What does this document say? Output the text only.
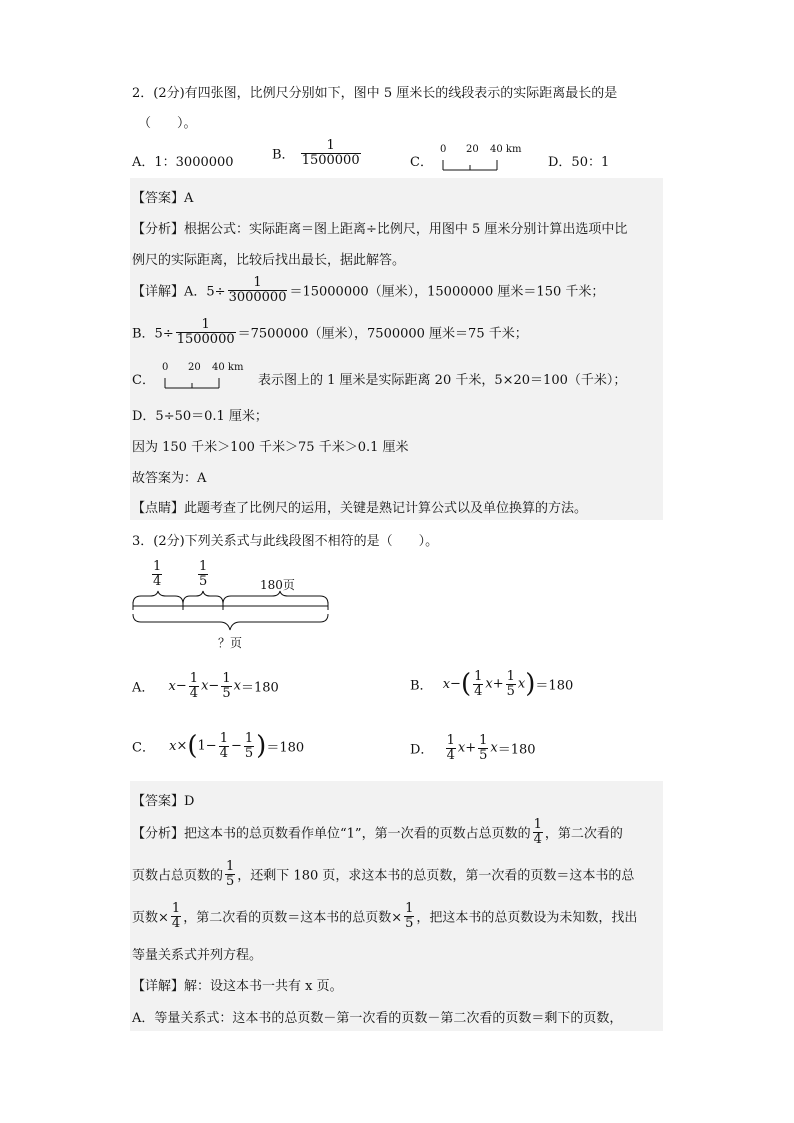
2．(2分)有四张图，比例尺分别如下，图中 5 厘米长的线段表示的实际距离最长的是
（　　）。
A．1：3000000	B． $\frac{1}{1500000}$	C．
0 20 40 km
D．50：1
【答案】A
【分析】根据公式：实际距离＝图上距离÷比例尺，用图中 5 厘米分别计算出选项中比
例尺的实际距离，比较后找出最长，据此解答。
【详解】A．$5\div \frac{1}{3000000} =15000000$（厘米），15000000 厘米＝150 千米；
B．$5\div \frac{1}{1500000} =7500000$（厘米），7500000 厘米＝75 千米；
C．
0 20 40 km
表示图上的 1 厘米是实际距离 20 千米，5×20＝100（千米）；
D．5÷50＝0.1 厘米；
因为 150 千米＞100 千米＞75 千米＞0.1 厘米
故答案为：A
【点睛】此题考查了比例尺的运用，关键是熟记计算公式以及单位换算的方法。
3．(2分)下列关系式与此线段图不相符的是（　　）。
$\frac{1}{4}$	$\frac{1}{5}$	180页
？页
A． $x- \frac{1}{4} x- \frac{1}{5} x=180$	B． $x-( \frac{1}{4} x+ \frac{1}{5} x)=180$
C． $x\times(1- \frac{1}{4} - \frac{1}{5} )=180$	D． $\frac{1}{4} x+ \frac{1}{5} x=180$
【答案】D
【分析】把这本书的总页数看作单位“1”，第一次看的页数占总页数的 $\frac{1}{4}$ ，第二次看的
页数占总页数的 $\frac{1}{5}$ ，还剩下 180 页，求这本书的总页数，第一次看的页数＝这本书的总
页数× $\frac{1}{4}$ ，第二次看的页数＝这本书的总页数× $\frac{1}{5}$ ，把这本书的总页数设为未知数，找出
等量关系式并列方程。
【详解】解：设这本书一共有 x 页。
A．等量关系式：这本书的总页数－第一次看的页数－第二次看的页数＝剩下的页数，
